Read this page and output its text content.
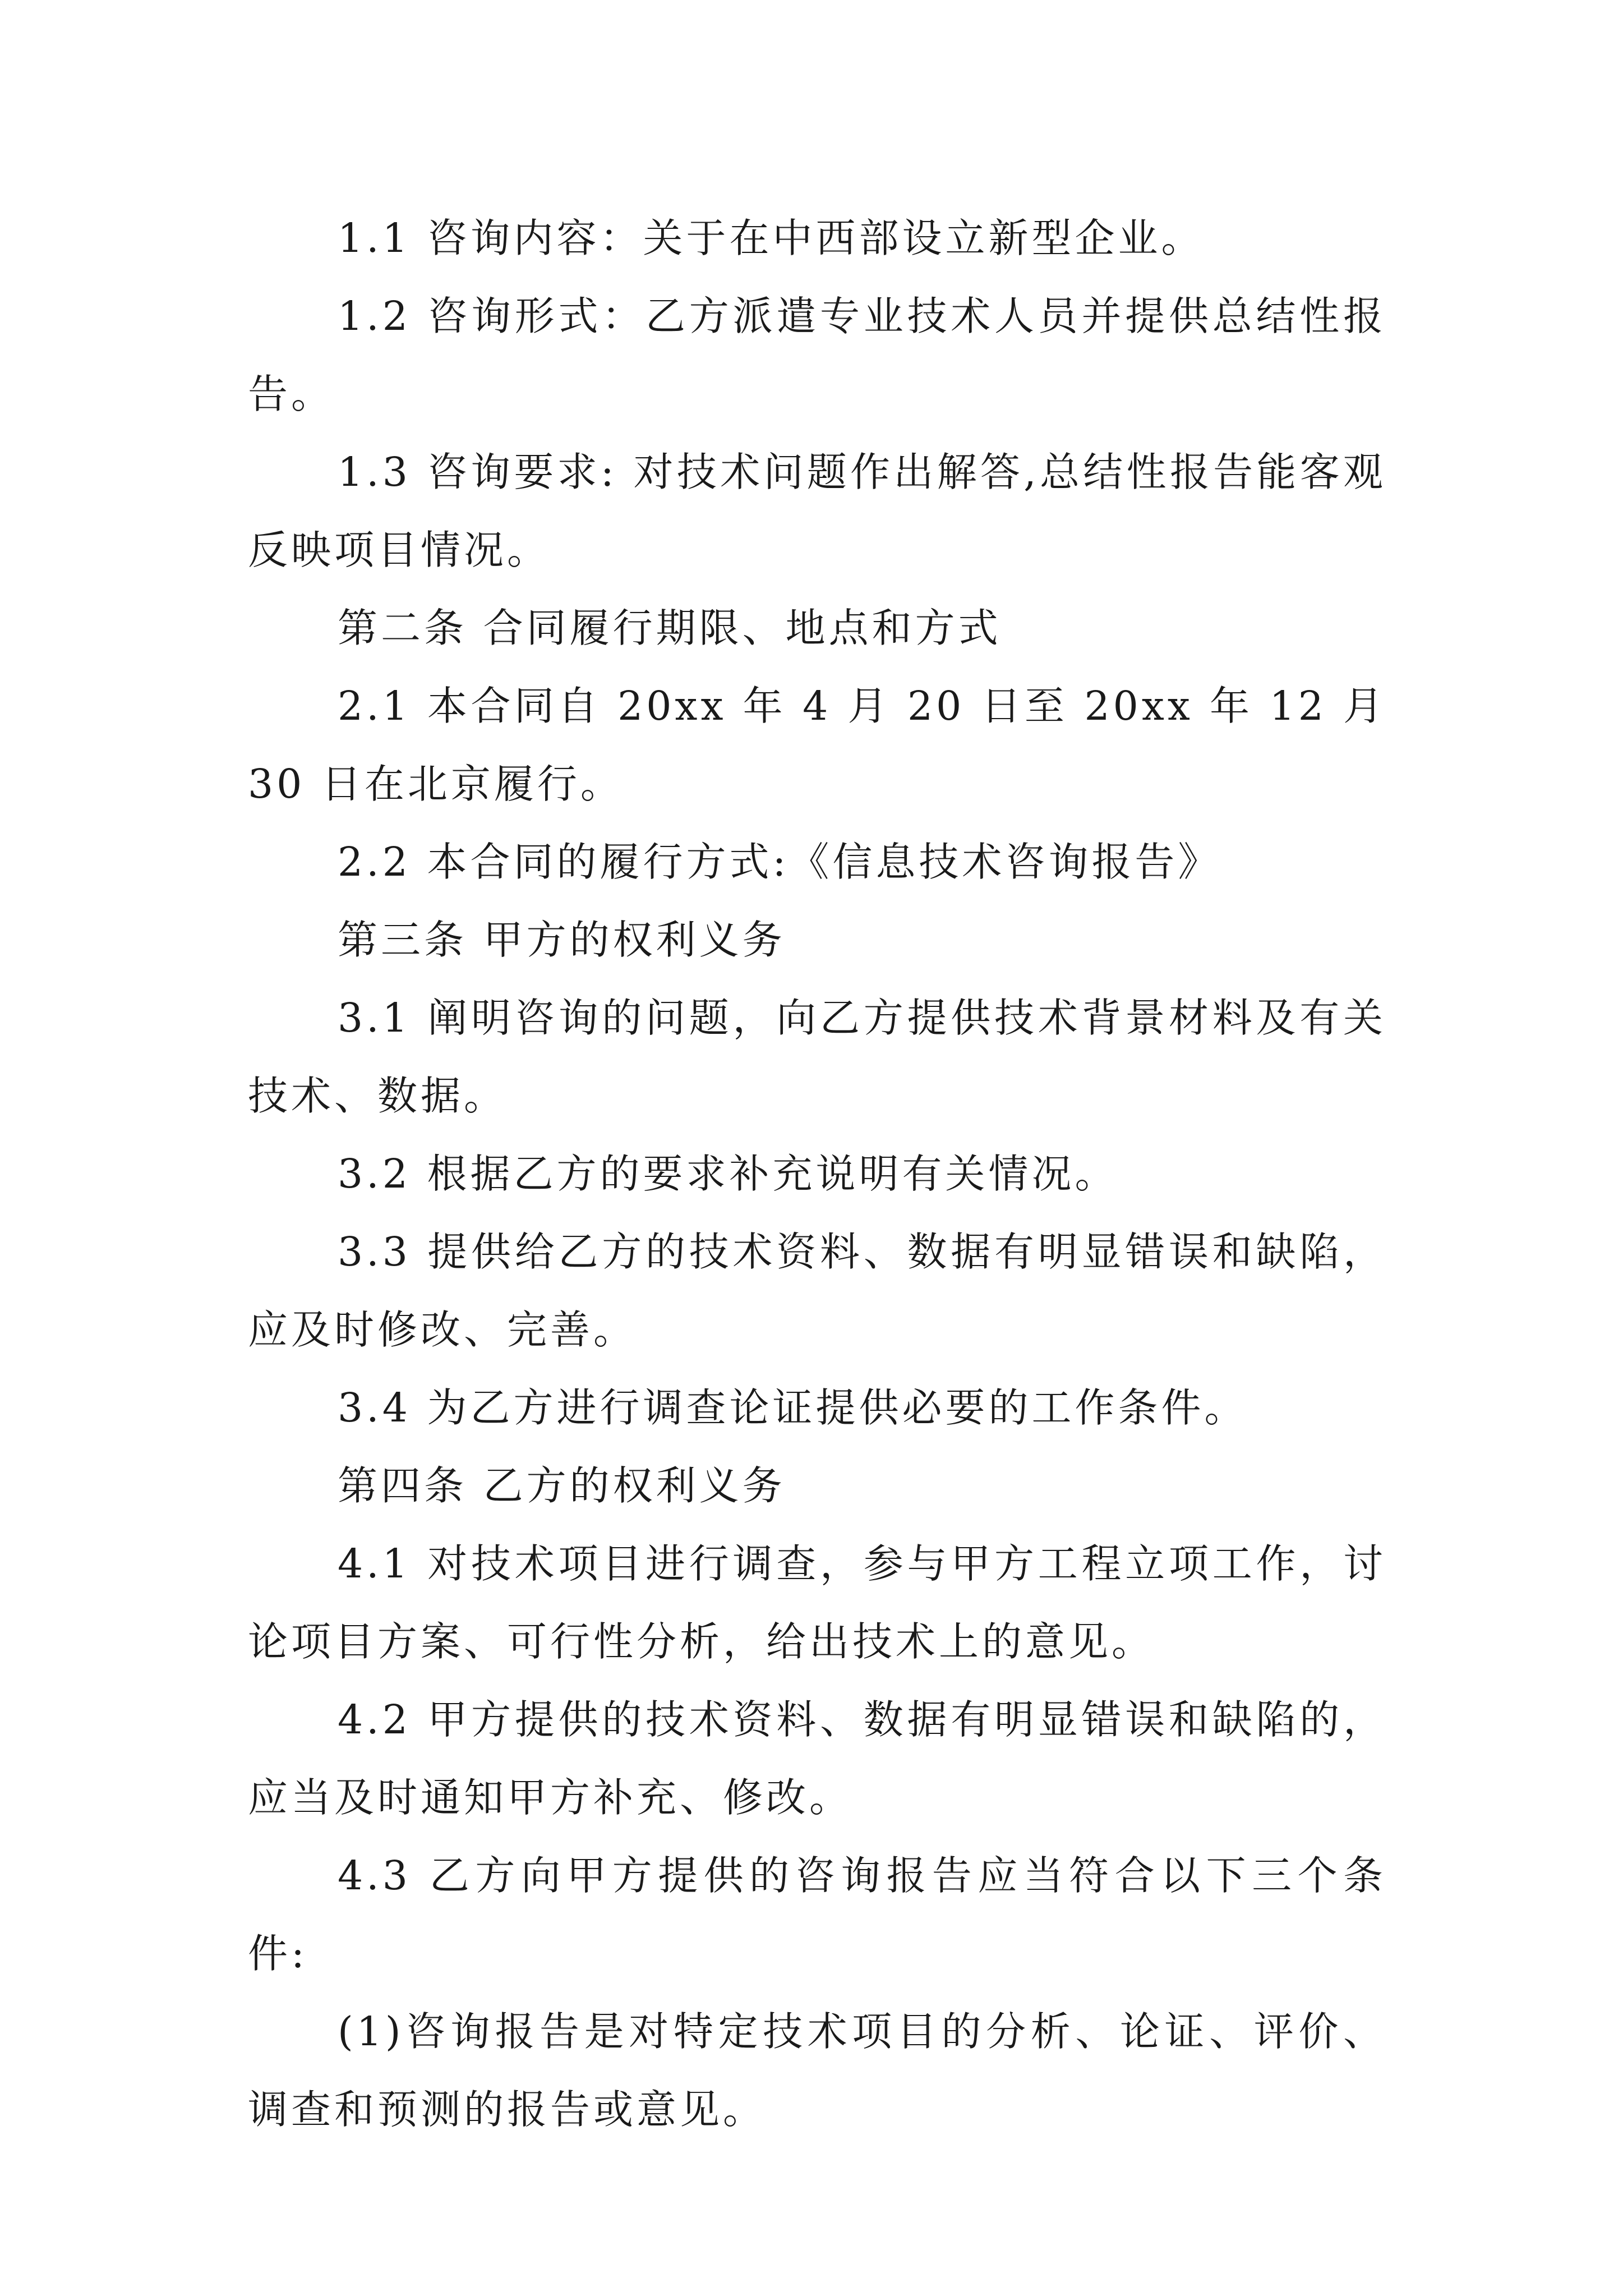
1.1 咨询内容：关于在中西部设立新型企业。

1.2 咨询形式：乙方派遣专业技术人员并提供总结性报告。

1.3 咨询要求: 对技术问题作出解答,总结性报告能客观反映项目情况。

第二条 合同履行期限、地点和方式

2.1 本合同自 20xx 年 4 月 20 日至 20xx 年 12 月 30 日在北京履行。

2.2 本合同的履行方式:《信息技术咨询报告》

第三条 甲方的权利义务

3.1 阐明咨询的问题，向乙方提供技术背景材料及有关技术、数据。

3.2 根据乙方的要求补充说明有关情况。

3.3 提供给乙方的技术资料、数据有明显错误和缺陷，应及时修改、完善。

3.4 为乙方进行调查论证提供必要的工作条件。

第四条 乙方的权利义务

4.1 对技术项目进行调查，参与甲方工程立项工作，讨论项目方案、可行性分析，给出技术上的意见。

4.2 甲方提供的技术资料、数据有明显错误和缺陷的，应当及时通知甲方补充、修改。

4.3 乙方向甲方提供的咨询报告应当符合以下三个条件:

(1)咨询报告是对特定技术项目的分析、论证、评价、调查和预测的报告或意见。
